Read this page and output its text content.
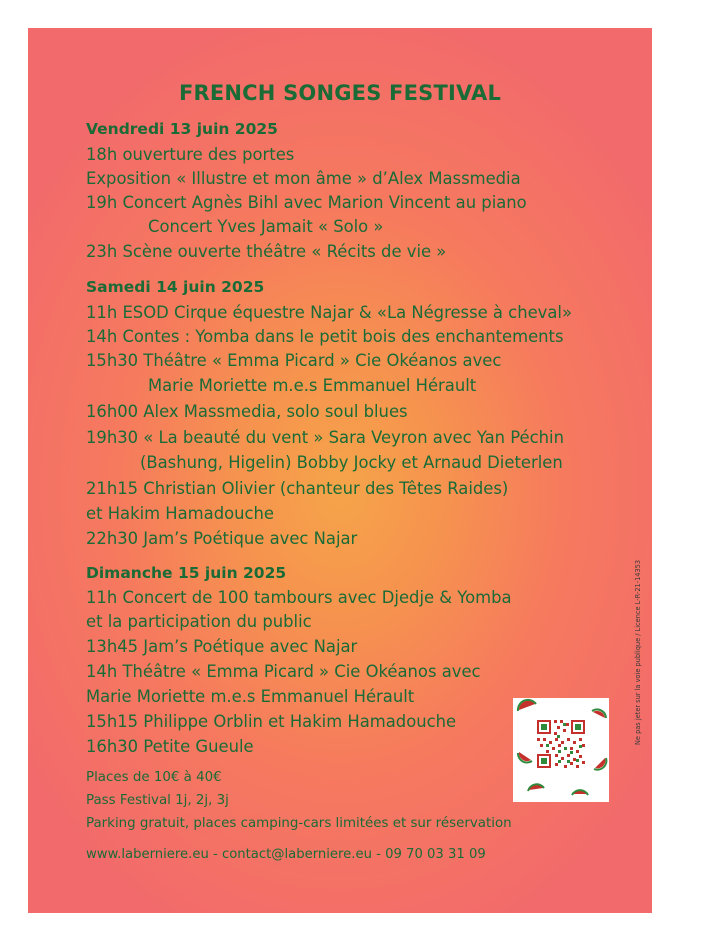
FRENCH SONGES FESTIVAL
Vendredi 13 juin 2025
18h ouverture des portes
Exposition « Illustre et mon âme » d’Alex Massmedia
19h Concert Agnès Bihl avec Marion Vincent au piano
Concert Yves Jamait « Solo »
23h Scène ouverte théâtre « Récits de vie »
Samedi 14 juin 2025
11h ESOD Cirque équestre Najar & «La Négresse à cheval»
14h Contes : Yomba dans le petit bois des enchantements
15h30 Théâtre « Emma Picard » Cie Okéanos avec
Marie Moriette m.e.s Emmanuel Hérault
16h00 Alex Massmedia, solo soul blues
19h30 « La beauté du vent » Sara Veyron avec Yan Péchin
(Bashung, Higelin) Bobby Jocky et Arnaud Dieterlen
21h15 Christian Olivier (chanteur des Têtes Raides)
et Hakim Hamadouche
22h30 Jam’s Poétique avec Najar
Dimanche 15 juin 2025
11h Concert de 100 tambours avec Djedje & Yomba
et la participation du public
13h45 Jam’s Poétique avec Najar
14h Théâtre « Emma Picard » Cie Okéanos avec
Marie Moriette m.e.s Emmanuel Hérault
15h15 Philippe Orblin et Hakim Hamadouche
16h30 Petite Gueule
Places de 10€ à 40€
Pass Festival 1j, 2j, 3j
Parking gratuit, places camping-cars limitées et sur réservation
www.laberniere.eu - contact@laberniere.eu - 09 70 03 31 09
Ne pas jeter sur la voie publique / Licence L-R-21-14353
